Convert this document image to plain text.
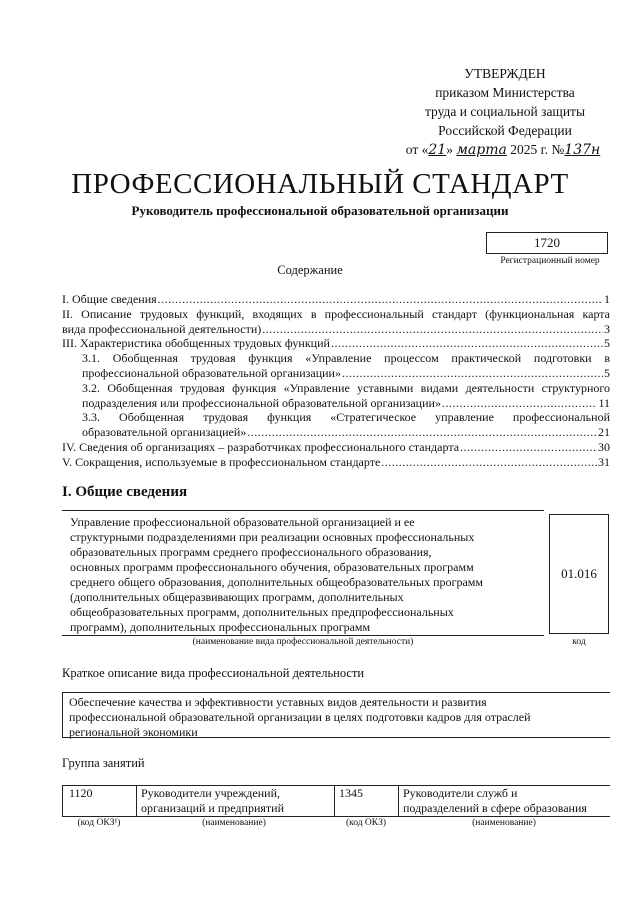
УТВЕРЖДЕН
приказом Министерства
труда и социальной защиты
Российской Федерации
от «21» марта 2025 г. №137н
ПРОФЕССИОНАЛЬНЫЙ СТАНДАРТ
Руководитель профессиональной образовательной организации
1720
Регистрационный номер
Содержание
I. Общие сведения .....	1
II. Описание трудовых функций, входящих в профессиональный стандарт (функциональная карта
вида профессиональной деятельности) .....	3
III. Характеристика обобщенных трудовых функций .....	5
3.1. Обобщенная трудовая функция «Управление процессом практической подготовки в
профессиональной образовательной организации» .....	5
3.2. Обобщенная трудовая функция «Управление уставными видами деятельности структурного
подразделения или профессиональной образовательной организации» .....	11
3.3. Обобщенная трудовая функция «Стратегическое управление профессиональной
образовательной организацией» .....	21
IV. Сведения об организациях – разработчиках профессионального стандарта .....	30
V. Сокращения, используемые в профессиональном стандарте .....	31
I. Общие сведения
Управление профессиональной образовательной организацией и ее
структурными подразделениями при реализации основных профессиональных
образовательных программ среднего профессионального образования,
основных программ профессионального обучения, образовательных программ
среднего общего образования, дополнительных общеобразовательных программ
(дополнительных общеразвивающих программ, дополнительных
общеобразовательных программ, дополнительных предпрофессиональных
программ), дополнительных профессиональных программ
01.016
(наименование вида профессиональной деятельности)	код
Краткое описание вида профессиональной деятельности
Обеспечение качества и эффективности уставных видов деятельности и развития
профессиональной образовательной организации в целях подготовки кадров для отраслей
региональной экономики
Группа занятий
1120	Руководители учреждений,
организаций и предприятий
1345	Руководители служб и
подразделений в сфере образования
(код ОКЗ¹)	(наименование)	(код ОКЗ)	(наименование)
